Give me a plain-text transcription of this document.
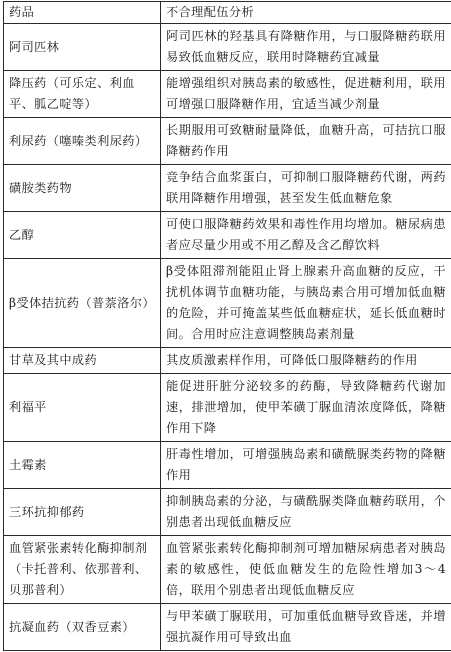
药品	不合理配伍分析
阿司匹林	阿司匹林的羟基具有降糖作用，与口服降糖药联用易致低血糖反应，联用时降糖药宜减量
降压药（可乐定、利血平、胍乙啶等）	能增强组织对胰岛素的敏感性，促进糖利用，联用可增强口服降糖作用，宜适当减少剂量
利尿药（噻嗪类利尿药）	长期服用可致糖耐量降低，血糖升高，可拮抗口服降糖药作用
磺胺类药物	竞争结合血浆蛋白，可抑制口服降糖药代谢，两药联用降糖作用增强，甚至发生低血糖危象
乙醇	可使口服降糖药效果和毒性作用均增加。糖尿病患者应尽量少用或不用乙醇及含乙醇饮料
β受体拮抗药（普萘洛尔）	β受体阻滞剂能阻止肾上腺素升高血糖的反应，干扰机体调节血糖功能，与胰岛素合用可增加低血糖的危险，并可掩盖某些低血糖症状，延长低血糖时间。合用时应注意调整胰岛素剂量
甘草及其中成药	其皮质激素样作用，可降低口服降糖药的作用
利福平	能促进肝脏分泌较多的药酶，导致降糖药代谢加速，排泄增加，使甲苯磺丁脲血清浓度降低，降糖作用下降
土霉素	肝毒性增加，可增强胰岛素和磺酰脲类药物的降糖作用
三环抗抑郁药	抑制胰岛素的分泌，与磺酰脲类降血糖药联用，个别患者出现低血糖反应
血管紧张素转化酶抑制剂（卡托普利、依那普利、贝那普利）	血管紧张素转化酶抑制剂可增加糖尿病患者对胰岛素的敏感性，使低血糖发生的危险性增加3～4倍，联用个别患者出现低血糖反应
抗凝血药（双香豆素）	与甲苯磺丁脲联用，可加重低血糖导致昏迷，并增强抗凝作用可导致出血
